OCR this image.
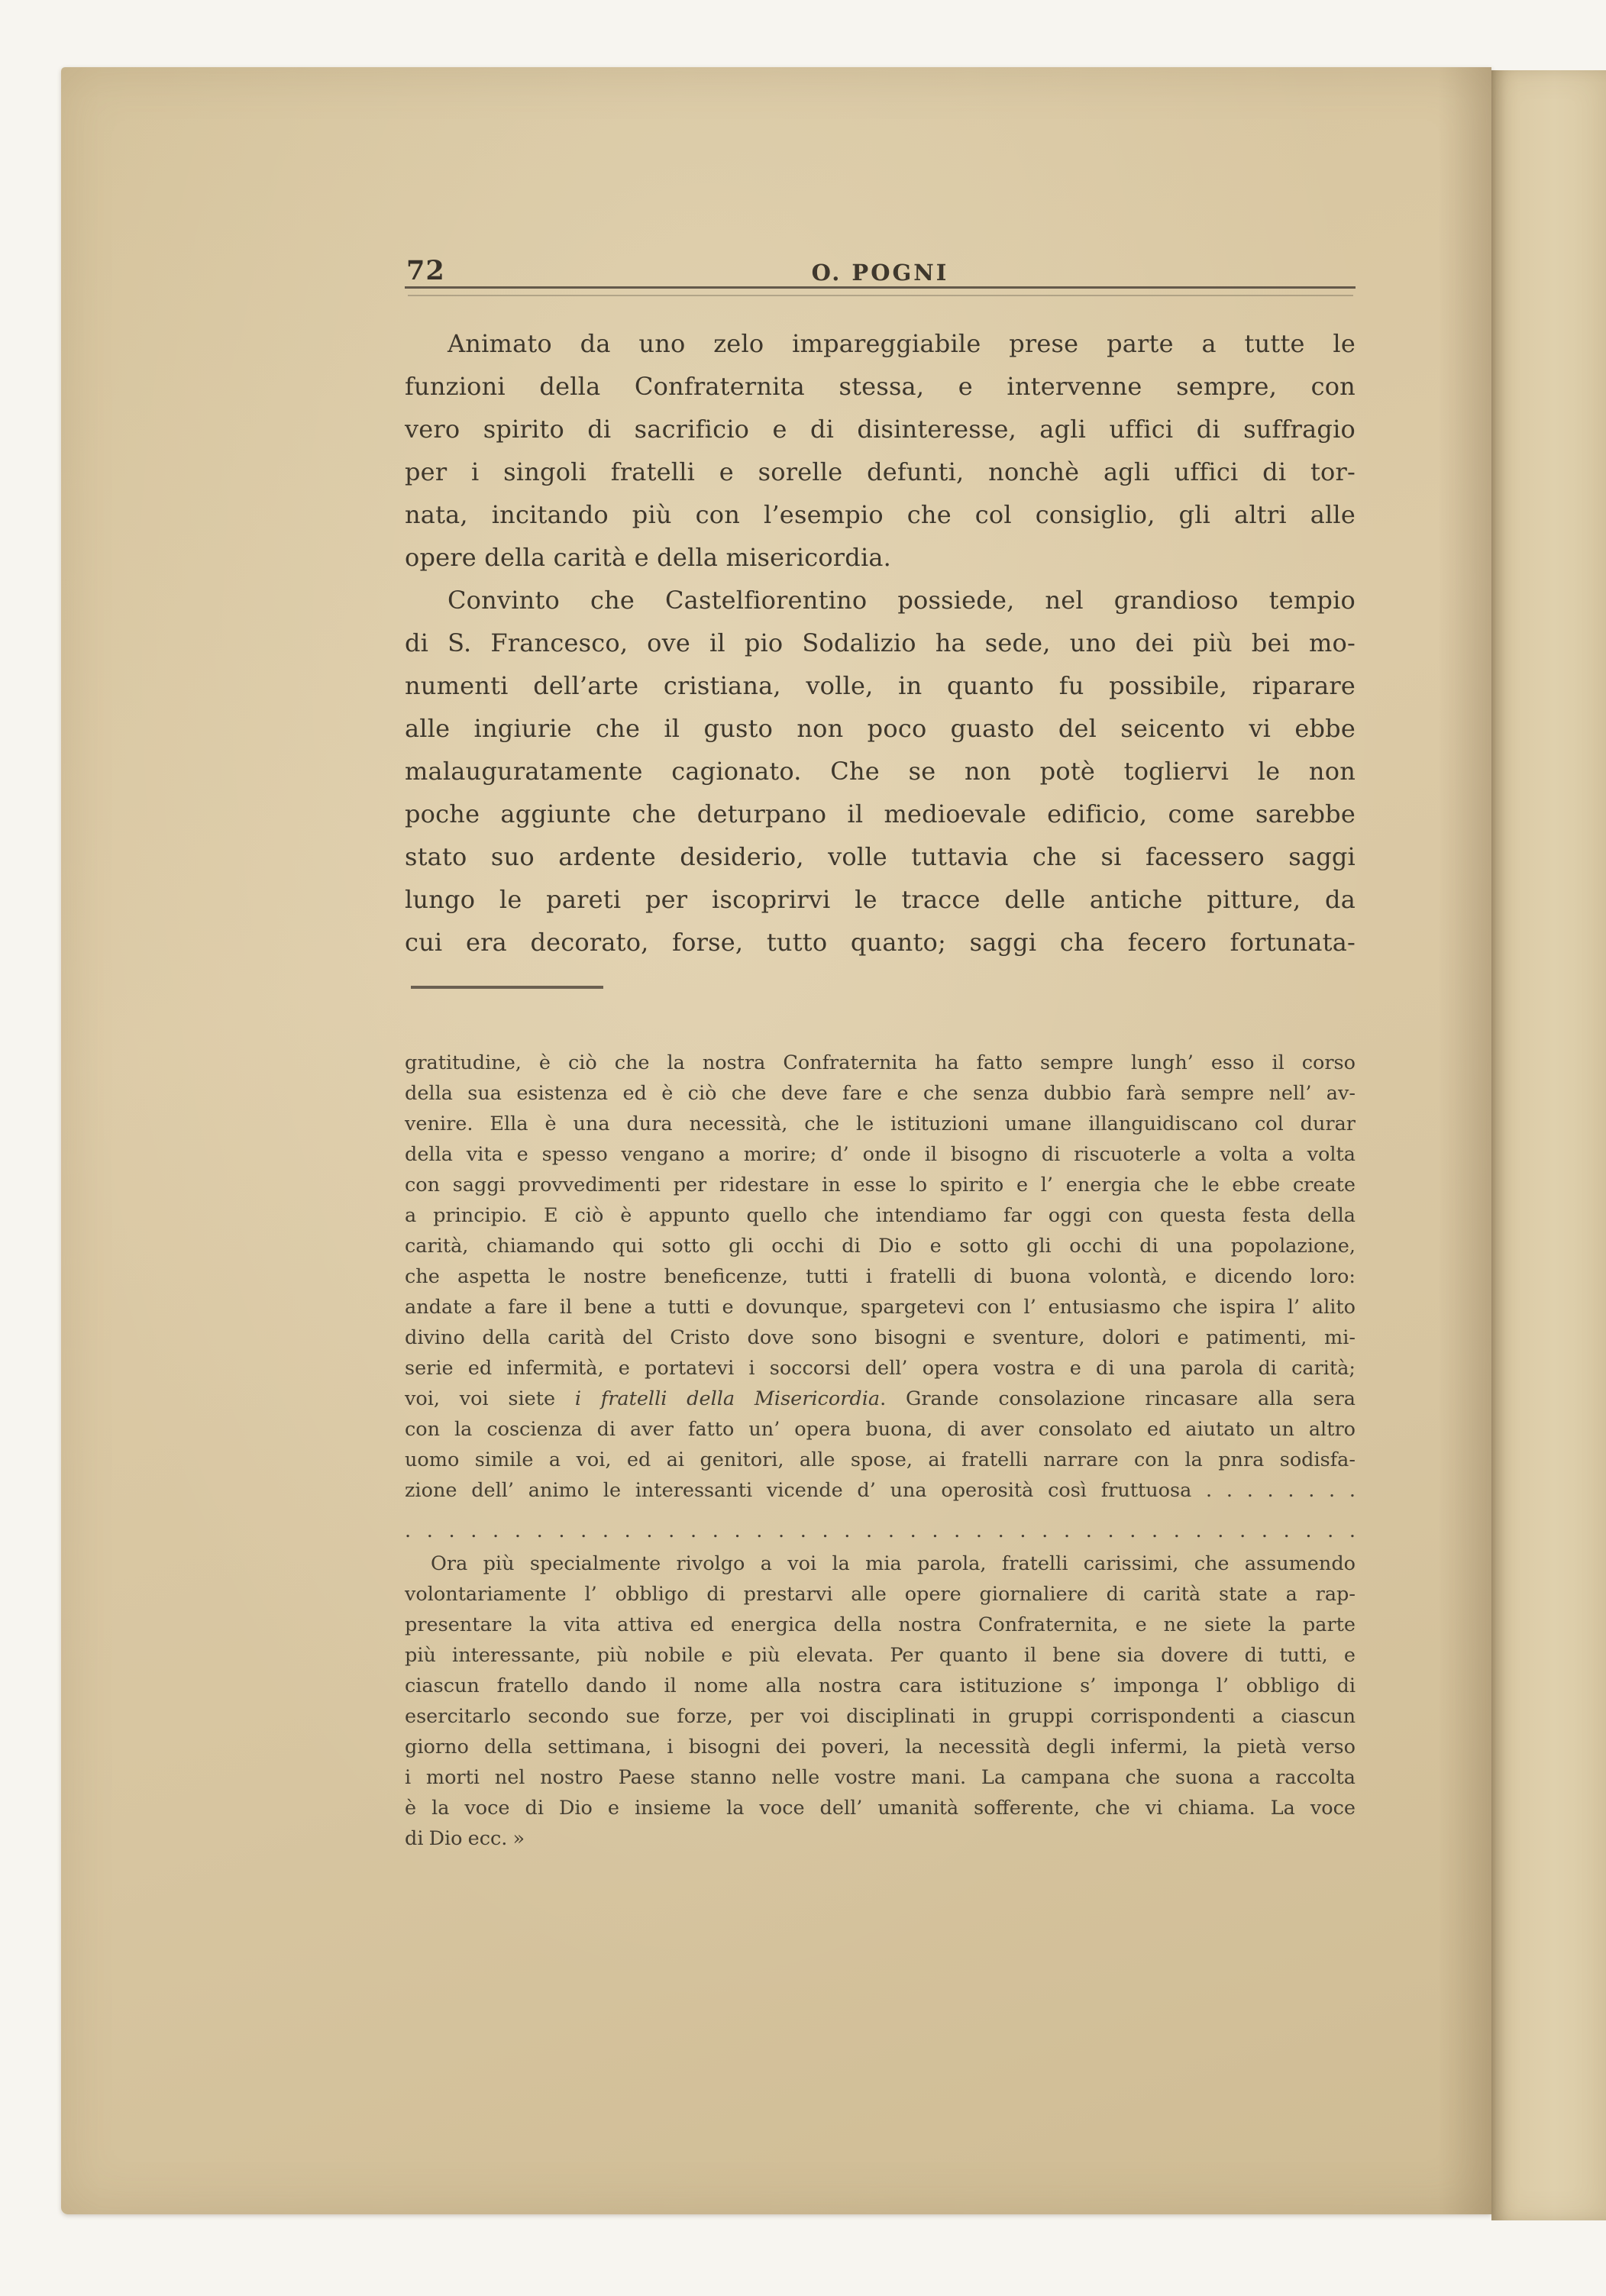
72	O. POGNI
Animato da uno zelo impareggiabile prese parte a tutte le
funzioni della Confraternita stessa, e intervenne sempre, con
vero spirito di sacrificio e di disinteresse, agli uffici di suffragio
per i singoli fratelli e sorelle defunti, nonchè agli uffici di tor-
nata, incitando più con l’esempio che col consiglio, gli altri alle
opere della carità e della misericordia.
Convinto che Castelfiorentino possiede, nel grandioso tempio
di S. Francesco, ove il pio Sodalizio ha sede, uno dei più bei mo-
numenti dell’arte cristiana, volle, in quanto fu possibile, riparare
alle ingiurie che il gusto non poco guasto del seicento vi ebbe
malauguratamente cagionato. Che se non potè togliervi le non
poche aggiunte che deturpano il medioevale edificio, come sarebbe
stato suo ardente desiderio, volle tuttavia che si facessero saggi
lungo le pareti per iscoprirvi le tracce delle antiche pitture, da
cui era decorato, forse, tutto quanto; saggi cha fecero fortunata-
gratitudine, è ciò che la nostra Confraternita ha fatto sempre lungh’ esso il corso
della sua esistenza ed è ciò che deve fare e che senza dubbio farà sempre nell’ av-
venire. Ella è una dura necessità, che le istituzioni umane illanguidiscano col durar
della vita e spesso vengano a morire; d’ onde il bisogno di riscuoterle a volta a volta
con saggi provvedimenti per ridestare in esse lo spirito e l’ energia che le ebbe create
a principio. E ciò è appunto quello che intendiamo far oggi con questa festa della
carità, chiamando qui sotto gli occhi di Dio e sotto gli occhi di una popolazione,
che aspetta le nostre beneficenze, tutti i fratelli di buona volontà, e dicendo loro:
andate a fare il bene a tutti e dovunque, spargetevi con l’ entusiasmo che ispira l’ alito
divino della carità del Cristo dove sono bisogni e sventure, dolori e patimenti, mi-
serie ed infermità, e portatevi i soccorsi dell’ opera vostra e di una parola di carità;
voi, voi siete i fratelli della Misericordia. Grande consolazione rincasare alla sera
con la coscienza di aver fatto un’ opera buona, di aver consolato ed aiutato un altro
uomo simile a voi, ed ai genitori, alle spose, ai fratelli narrare con la pnra sodisfa-
zione dell’ animo le interessanti vicende d’ una operosità così fruttuosa . . . . . . . .
. . . . . . . . . . . . . . . . . . . . . . . . . . . . . . . . . . . . . . . . . . . .
Ora più specialmente rivolgo a voi la mia parola, fratelli carissimi, che assumendo
volontariamente l’ obbligo di prestarvi alle opere giornaliere di carità state a rap-
presentare la vita attiva ed energica della nostra Confraternita, e ne siete la parte
più interessante, più nobile e più elevata. Per quanto il bene sia dovere di tutti, e
ciascun fratello dando il nome alla nostra cara istituzione s’ imponga l’ obbligo di
esercitarlo secondo sue forze, per voi disciplinati in gruppi corrispondenti a ciascun
giorno della settimana, i bisogni dei poveri, la necessità degli infermi, la pietà verso
i morti nel nostro Paese stanno nelle vostre mani. La campana che suona a raccolta
è la voce di Dio e insieme la voce dell’ umanità sofferente, che vi chiama. La voce
di Dio ecc. »
